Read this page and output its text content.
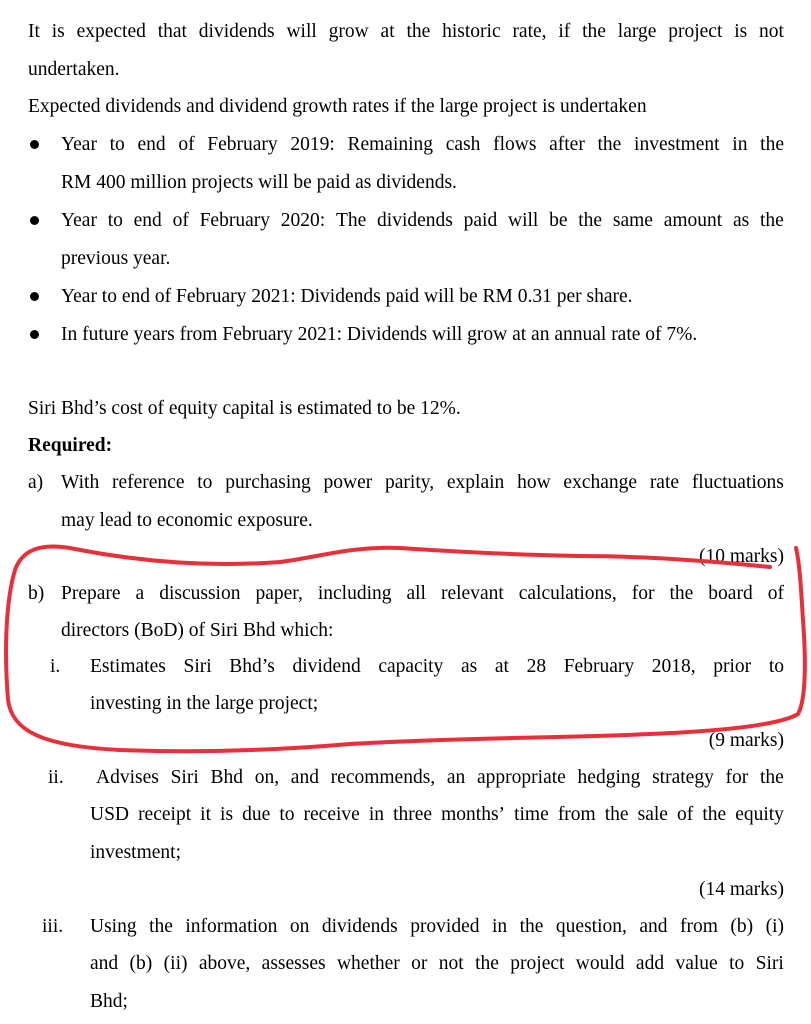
It is expected that dividends will grow at the historic rate, if the large project is not
undertaken.
Expected dividends and dividend growth rates if the large project is undertaken
Year to end of February 2019: Remaining cash flows after the investment in the
RM 400 million projects will be paid as dividends.
Year to end of February 2020: The dividends paid will be the same amount as the
previous year.
Year to end of February 2021: Dividends paid will be RM 0.31 per share.
In future years from February 2021: Dividends will grow at an annual rate of 7%.
Siri Bhd’s cost of equity capital is estimated to be 12%.
Required:
a) With reference to purchasing power parity, explain how exchange rate fluctuations
may lead to economic exposure.
(10 marks)
b) Prepare a discussion paper, including all relevant calculations, for the board of
directors (BoD) of Siri Bhd which:
i. Estimates Siri Bhd’s dividend capacity as at 28 February 2018, prior to
investing in the large project;
(9 marks)
ii. Advises Siri Bhd on, and recommends, an appropriate hedging strategy for the
USD receipt it is due to receive in three months’ time from the sale of the equity
investment;
(14 marks)
iii. Using the information on dividends provided in the question, and from (b) (i)
and (b) (ii) above, assesses whether or not the project would add value to Siri
Bhd;
